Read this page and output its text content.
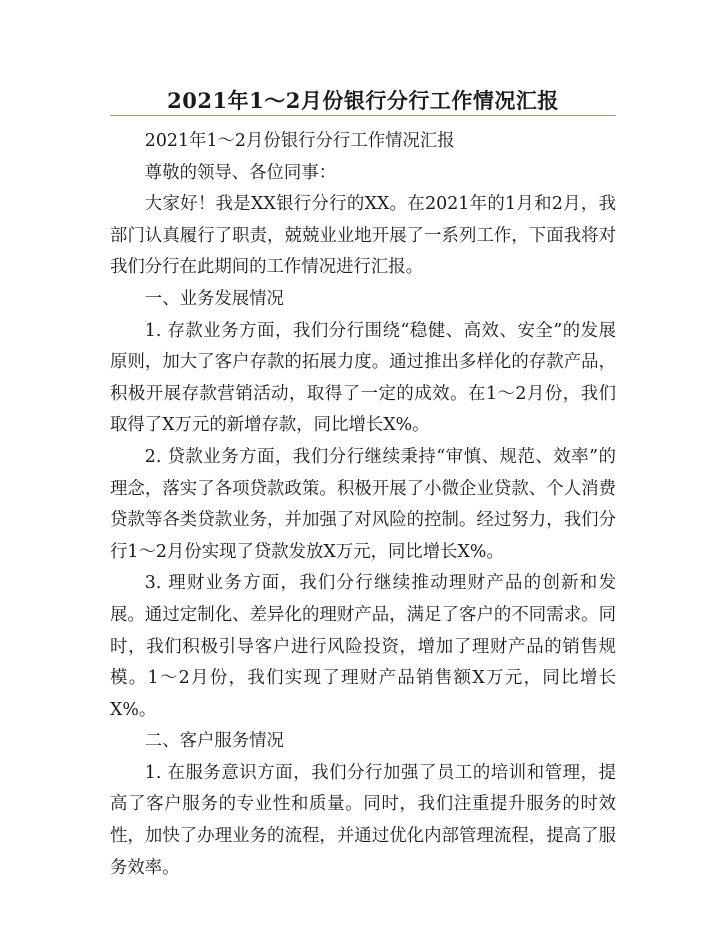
2021年1～2月份银行分行工作情况汇报

2021年1～2月份银行分行工作情况汇报

尊敬的领导、各位同事：

大家好！我是XX银行分行的XX。在2021年的1月和2月，我部门认真履行了职责，兢兢业业地开展了一系列工作，下面我将对我们分行在此期间的工作情况进行汇报。

一、业务发展情况

1. 存款业务方面，我们分行围绕“稳健、高效、安全”的发展原则，加大了客户存款的拓展力度。通过推出多样化的存款产品，积极开展存款营销活动，取得了一定的成效。在1～2月份，我们取得了X万元的新增存款，同比增长X%。

2. 贷款业务方面，我们分行继续秉持“审慎、规范、效率”的理念，落实了各项贷款政策。积极开展了小微企业贷款、个人消费贷款等各类贷款业务，并加强了对风险的控制。经过努力，我们分行1～2月份实现了贷款发放X万元，同比增长X%。

3. 理财业务方面，我们分行继续推动理财产品的创新和发展。通过定制化、差异化的理财产品，满足了客户的不同需求。同时，我们积极引导客户进行风险投资，增加了理财产品的销售规模。1～2月份，我们实现了理财产品销售额X万元，同比增长X%。

二、客户服务情况

1. 在服务意识方面，我们分行加强了员工的培训和管理，提高了客户服务的专业性和质量。同时，我们注重提升服务的时效性，加快了办理业务的流程，并通过优化内部管理流程，提高了服务效率。
